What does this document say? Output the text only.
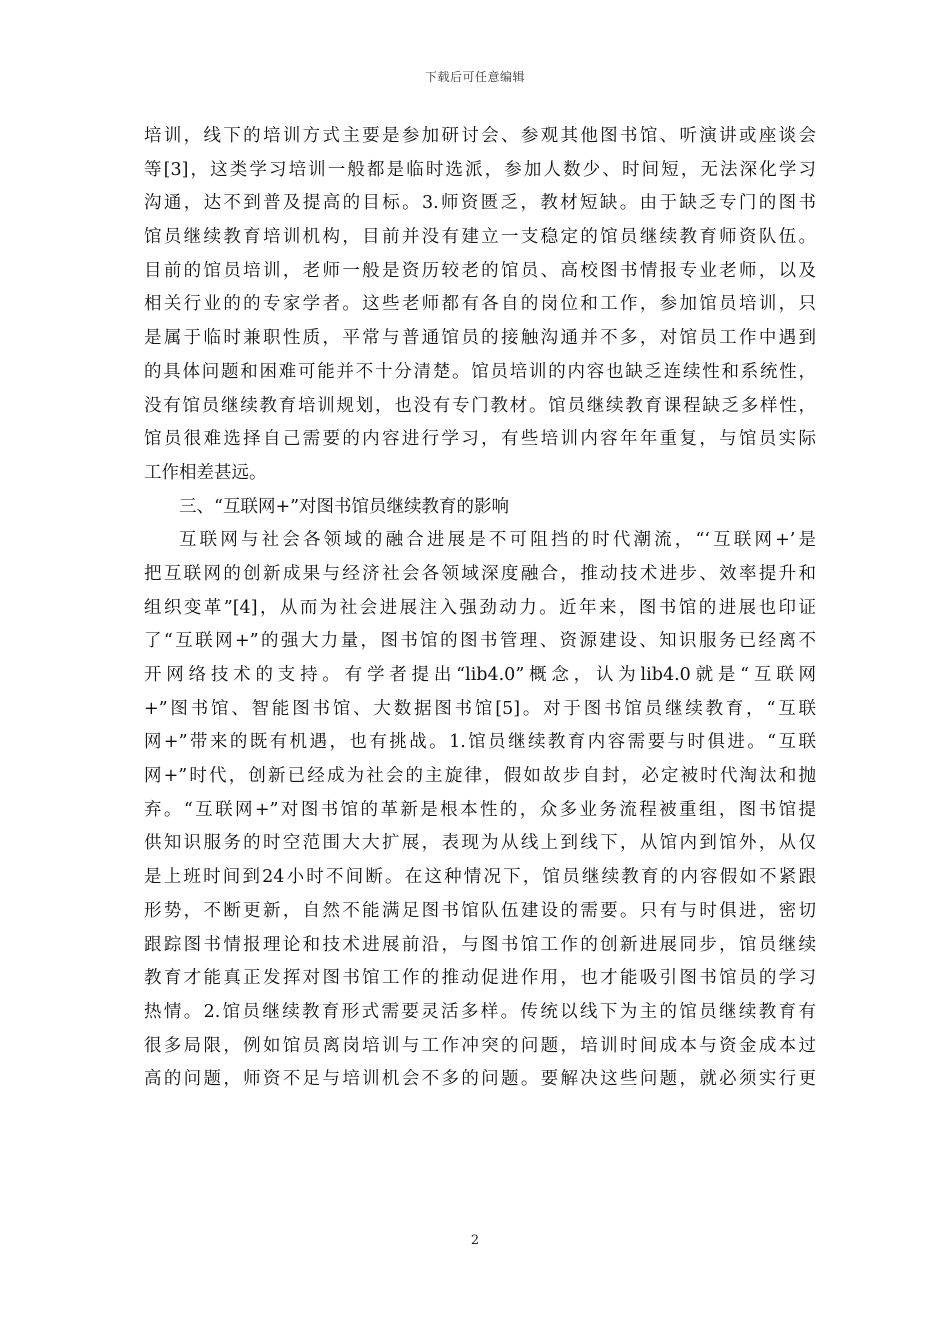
下载后可任意编辑
培训，线下的培训方式主要是参加研讨会、参观其他图书馆、听演讲或座谈会
等[3]，这类学习培训一般都是临时选派，参加人数少、时间短，无法深化学习
沟通，达不到普及提高的目标。3.师资匮乏，教材短缺。由于缺乏专门的图书
馆员继续教育培训机构，目前并没有建立一支稳定的馆员继续教育师资队伍。
目前的馆员培训，老师一般是资历较老的馆员、高校图书情报专业老师，以及
相关行业的的专家学者。这些老师都有各自的岗位和工作，参加馆员培训，只
是属于临时兼职性质，平常与普通馆员的接触沟通并不多，对馆员工作中遇到
的具体问题和困难可能并不十分清楚。馆员培训的内容也缺乏连续性和系统性，
没有馆员继续教育培训规划，也没有专门教材。馆员继续教育课程缺乏多样性，
馆员很难选择自己需要的内容进行学习，有些培训内容年年重复，与馆员实际
工作相差甚远。
三、“互联网+”对图书馆员继续教育的影响
互联网与社会各领域的融合进展是不可阻挡的时代潮流，“‘互联网+’是
把互联网的创新成果与经济社会各领域深度融合，推动技术进步、效率提升和
组织变革”[4]，从而为社会进展注入强劲动力。近年来，图书馆的进展也印证
了“互联网+”的强大力量，图书馆的图书管理、资源建设、知识服务已经离不
开网络技术的支持。有学者提出“lib4.0”概念，认为lib4.0就是“互联网
+”图书馆、智能图书馆、大数据图书馆[5]。对于图书馆员继续教育，“互联
网+”带来的既有机遇，也有挑战。1.馆员继续教育内容需要与时俱进。“互联
网+”时代，创新已经成为社会的主旋律，假如故步自封，必定被时代淘汰和抛
弃。“互联网+”对图书馆的革新是根本性的，众多业务流程被重组，图书馆提
供知识服务的时空范围大大扩展，表现为从线上到线下，从馆内到馆外，从仅
是上班时间到24小时不间断。在这种情况下，馆员继续教育的内容假如不紧跟
形势，不断更新，自然不能满足图书馆队伍建设的需要。只有与时俱进，密切
跟踪图书情报理论和技术进展前沿，与图书馆工作的创新进展同步，馆员继续
教育才能真正发挥对图书馆工作的推动促进作用，也才能吸引图书馆员的学习
热情。2.馆员继续教育形式需要灵活多样。传统以线下为主的馆员继续教育有
很多局限，例如馆员离岗培训与工作冲突的问题，培训时间成本与资金成本过
高的问题，师资不足与培训机会不多的问题。要解决这些问题，就必须实行更
2
